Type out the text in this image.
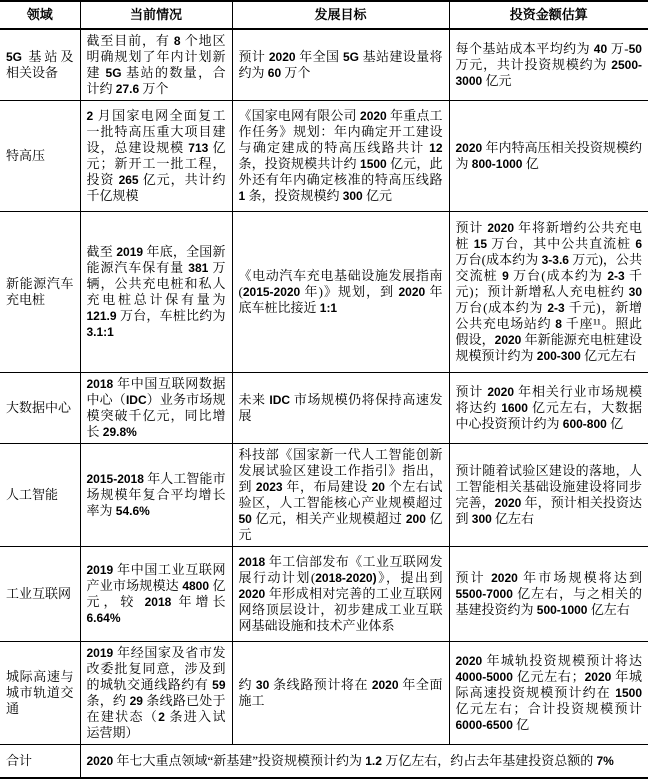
领域	当前情况	发展目标	投资金额估算
5G 基站及相关设备	截至目前，有 8 个地区明确规划了年内计划新建 5G 基站的数量，合计约 27.6 万个	预计 2020 年全国 5G 基站建设量将约为 60 万个	每个基站成本平均约为 40 万-50 万元，共计投资规模约为 2500-3000 亿元
特高压	2 月国家电网全面复工一批特高压重大项目建设，总建设规模 713 亿元；新开工一批工程，投资 265 亿元，共计约千亿规模	《国家电网有限公司 2020 年重点工作任务》规划：年内确定开工建设与确定建成的特高压线路共计 12 条，投资规模共计约 1500 亿元，此外还有年内确定核准的特高压线路 1 条，投资规模约 300 亿元	2020 年内特高压相关投资规模约为 800-1000 亿
新能源汽车充电桩	截至 2019 年底，全国新能源汽车保有量 381 万辆，公共充电桩和私人充电桩总计保有量为 121.9 万台，车桩比约为 3.1:1	《电动汽车充电基础设施发展指南(2015-2020 年)》规划，到 2020 年底车桩比接近 1:1	预计 2020 年将新增约公共充电桩 15 万台，其中公共直流桩 6 万台(成本约为 3-3.6 万元)，公共交流桩 9 万台(成本约为 2-3 千元)；预计新增私人充电桩约 30 万台(成本约为 2-3 千元)，新增公共充电场站约 8 千座¹¹。照此假设，2020 年新能源充电桩建设规模预计约为 200-300 亿元左右
大数据中心	2018 年中国互联网数据中心（IDC）业务市场规模突破千亿元，同比增长 29.8%	未来 IDC 市场规模仍将保持高速发展	预计 2020 年相关行业市场规模将达约 1600 亿元左右，大数据中心投资预计约为 600-800 亿
人工智能	2015-2018 年人工智能市场规模年复合平均增长率为 54.6%	科技部《国家新一代人工智能创新发展试验区建设工作指引》指出，到 2023 年，布局建设 20 个左右试验区，人工智能核心产业规模超过 50 亿元，相关产业规模超过 200 亿元	预计随着试验区建设的落地，人工智能相关基础设施建设将同步完善，2020 年，预计相关投资达到 300 亿左右
工业互联网	2019 年中国工业互联网产业市场规模达 4800 亿元，较 2018 年增长 6.64%	2018 年工信部发布《工业互联网发展行动计划(2018-2020)》，提出到 2020 年形成相对完善的工业互联网网络顶层设计，初步建成工业互联网基础设施和技术产业体系	预计 2020 年市场规模将达到 5500-7000 亿左右，与之相关的基建投资约为 500-1000 亿左右
城际高速与城市轨道交通	2019 年经国家及省市发改委批复同意，涉及到的城轨交通线路约有 59 条，约 29 条线路已处于在建状态（2 条进入试运营期）	约 30 条线路预计将在 2020 年全面施工	2020 年城轨投资规模预计将达 4000-5000 亿元左右；2020 年城际高速投资规模预计约在 1500 亿元左右；合计投资规模预计 6000-6500 亿
合计	2020 年七大重点领域“新基建”投资规模预计约为 1.2 万亿左右，约占去年基建投资总额的 7%		
